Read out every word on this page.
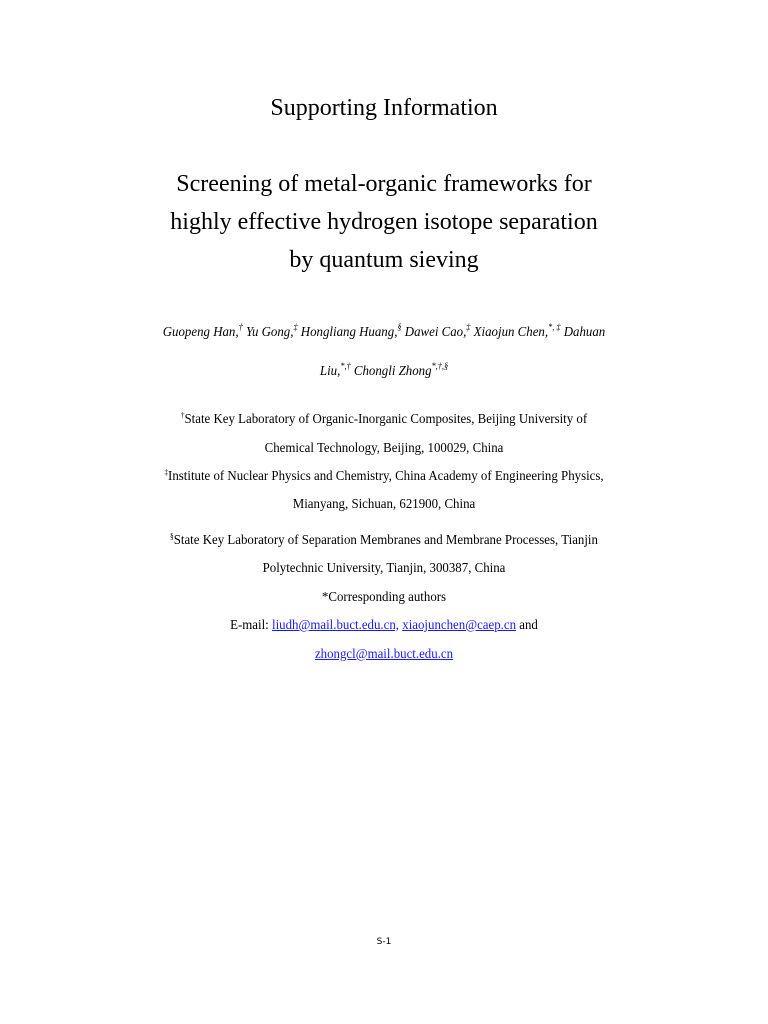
Supporting Information
Screening of metal-organic frameworks for
highly effective hydrogen isotope separation
by quantum sieving
Guopeng Han,† Yu Gong,‡ Hongliang Huang,§ Dawei Cao,‡ Xiaojun Chen,*, ‡ Dahuan
Liu,*,† Chongli Zhong*,†,§
†State Key Laboratory of Organic-Inorganic Composites, Beijing University of
Chemical Technology, Beijing, 100029, China
‡Institute of Nuclear Physics and Chemistry, China Academy of Engineering Physics,
Mianyang, Sichuan, 621900, China
§State Key Laboratory of Separation Membranes and Membrane Processes, Tianjin
Polytechnic University, Tianjin, 300387, China
*Corresponding authors
E-mail: liudh@mail.buct.edu.cn, xiaojunchen@caep.cn and
zhongcl@mail.buct.edu.cn
S-1
